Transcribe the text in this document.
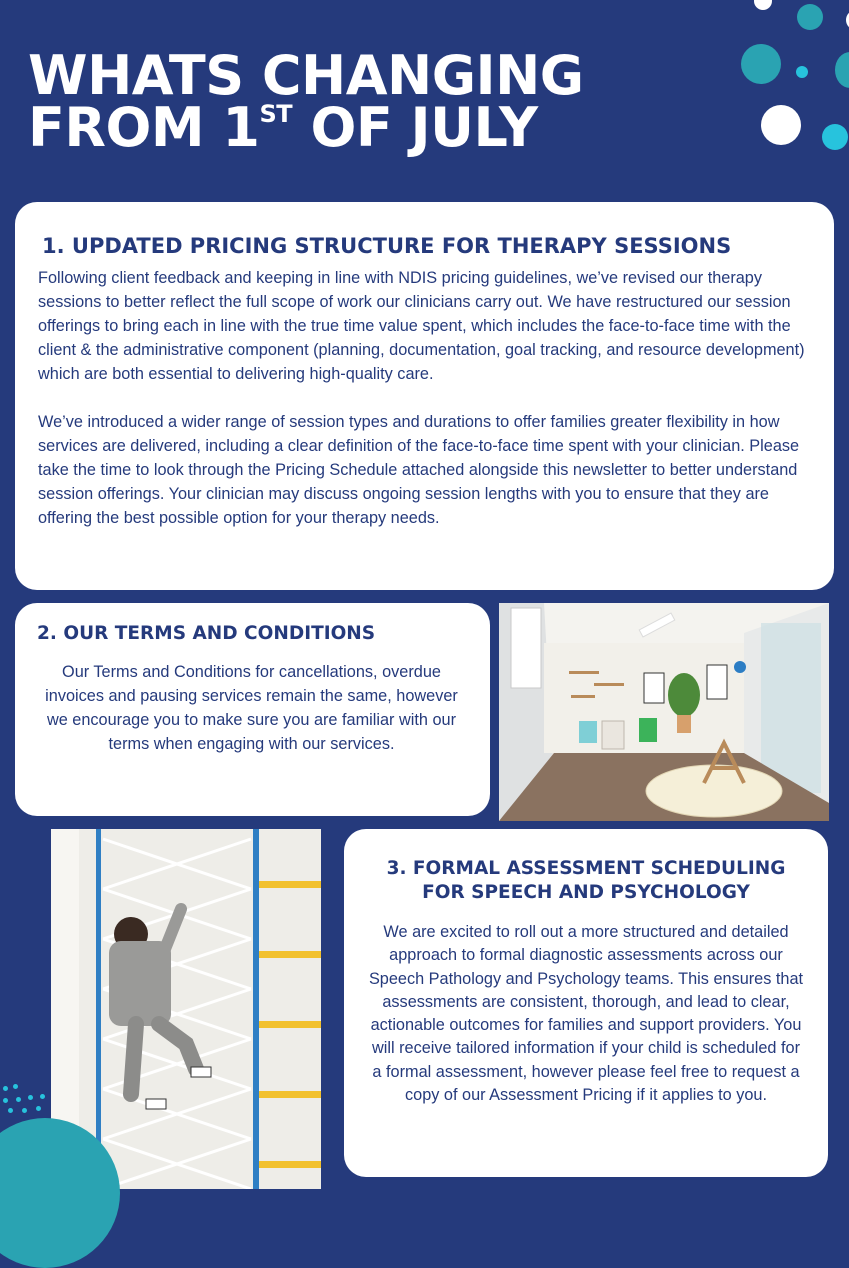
WHATS CHANGING
FROM 1ST OF JULY
1. UPDATED PRICING STRUCTURE FOR THERAPY SESSIONS

Following client feedback and keeping in line with NDIS pricing guidelines, we’ve revised our therapy sessions to better reflect the full scope of work our clinicians carry out. We have restructured our session offerings to bring each in line with the true time value spent, which includes the face-to-face time with the client & the administrative component (planning, documentation, goal tracking, and resource development) which are both essential to delivering high-quality care.

We’ve introduced a wider range of session types and durations to offer families greater flexibility in how services are delivered, including a clear definition of the face-to-face time spent with your clinician. Please take the time to look through the Pricing Schedule attached alongside this newsletter to better understand session offerings. Your clinician may discuss ongoing session lengths with you to ensure that they are offering the best possible option for your therapy needs.

2. OUR TERMS AND CONDITIONS

Our Terms and Conditions for cancellations, overdue invoices and pausing services remain the same, however we encourage you to make sure you are familiar with our terms when engaging with our services.

3. FORMAL ASSESSMENT SCHEDULING FOR SPEECH AND PSYCHOLOGY

We are excited to roll out a more structured and detailed approach to formal diagnostic assessments across our Speech Pathology and Psychology teams. This ensures that assessments are consistent, thorough, and lead to clear, actionable outcomes for families and support providers. You will receive tailored information if your child is scheduled for a formal assessment, however please feel free to request a copy of our Assessment Pricing if it applies to you.
